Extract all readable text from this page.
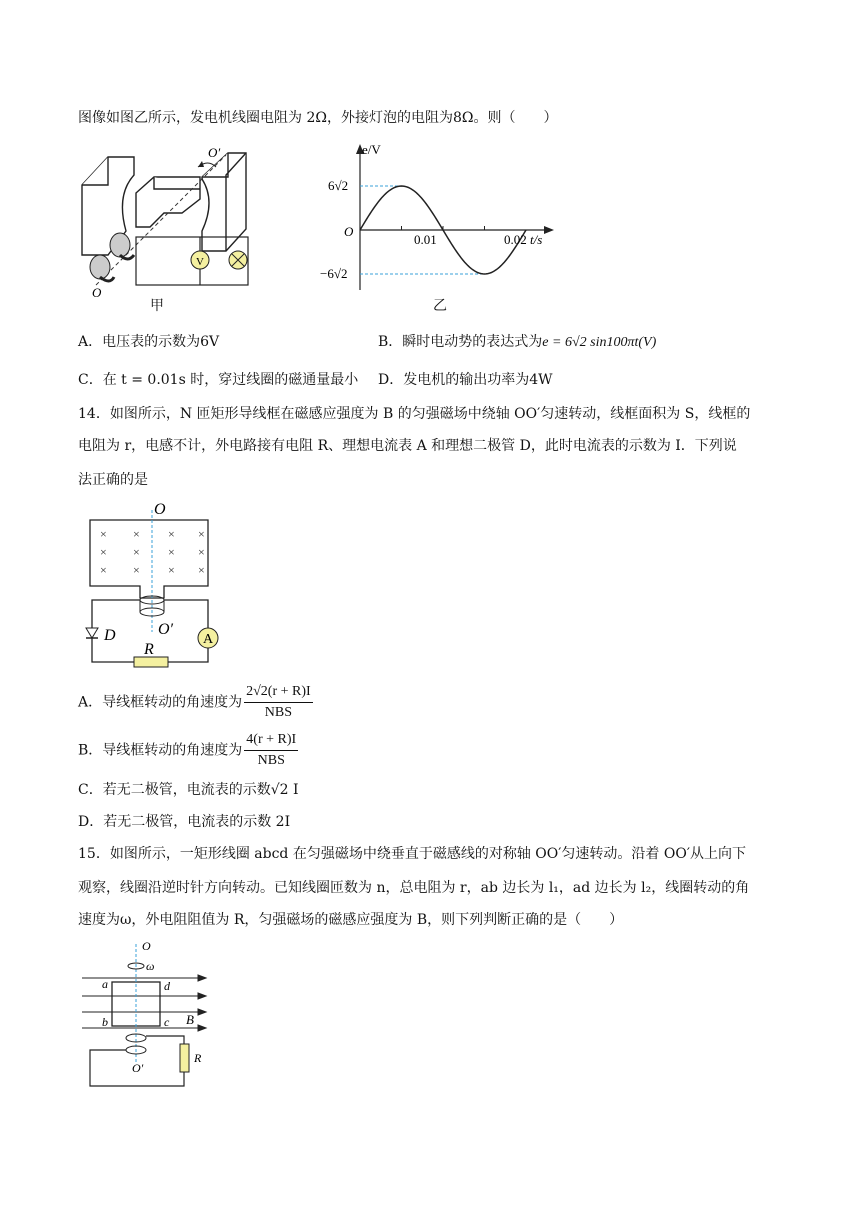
图像如图乙所示，发电机线圈电阻为 2Ω，外接灯泡的电阻为8Ω。则（　　）
V
O′
O
甲
e/V
t/s
O
6√2
−6√2
0.01	0.02
乙
A．电压表的示数为6V	B．瞬时电动势的表达式为e = 6√2 sin100πt(V)
C．在 t = 0.01s 时，穿过线圈的磁通量最小 D．发电机的输出功率为4W
14．如图所示，N 匝矩形导线框在磁感应强度为 B 的匀强磁场中绕轴 OO′匀速转动，线框面积为 S，线框的
电阻为 r，电感不计，外电路接有电阻 R、理想电流表 A 和理想二极管 D，此时电流表的示数为 I．下列说
法正确的是
× × × ×
× × × ×
× × × ×
O
O′
D	A
R
A．导线框转动的角速度为 $\frac{2√2(r + R)I}{\text{NBS}}$
B．导线框转动的角速度为 $\frac{4(r + R)I}{\text{NBS}}$
C．若无二极管，电流表的示数√2 I
D．若无二极管，电流表的示数 2I
15．如图所示，一矩形线圈 abcd 在匀强磁场中绕垂直于磁感线的对称轴 OO′匀速转动。沿着 OO′从上向下
观察，线圈沿逆时针方向转动。已知线圈匝数为 n，总电阻为 r，ab 边长为 l₁，ad 边长为 l₂，线圈转动的角
速度为ω，外电阻阻值为 R，匀强磁场的磁感应强度为 B，则下列判断正确的是（　　）
O
ω
a	d
b	c B
R
O′
